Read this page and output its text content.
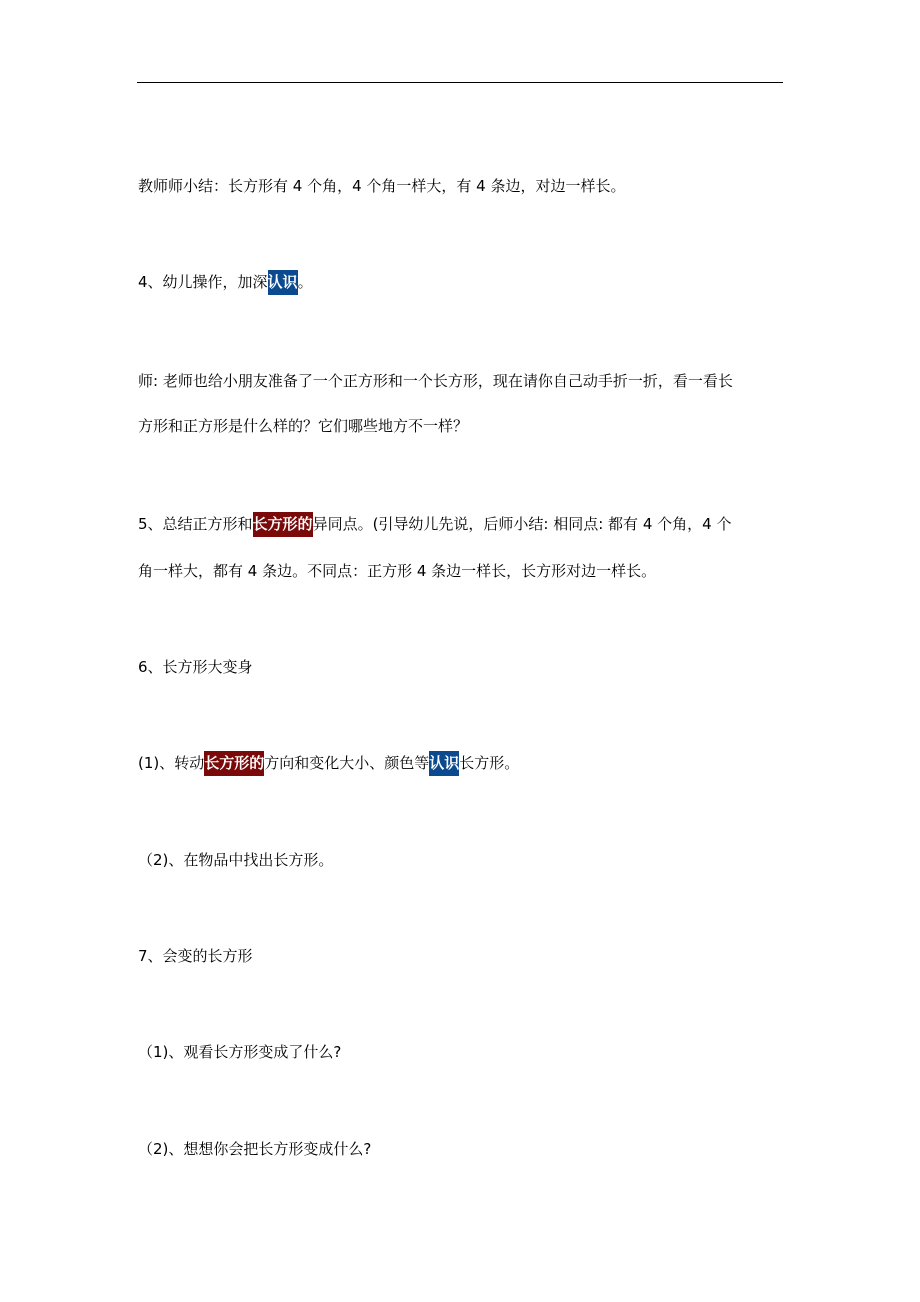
教师师小结：长方形有 4 个角，4 个角一样大，有 4 条边，对边一样长。
4、幼儿操作，加深认识。
师: 老师也给小朋友准备了一个正方形和一个长方形，现在请你自己动手折一折，看一看长
方形和正方形是什么样的？它们哪些地方不一样？
5、总结正方形和长方形的异同点。(引导幼儿先说，后师小结: 相同点: 都有 4 个角，4 个
角一样大，都有 4 条边。不同点：正方形 4 条边一样长，长方形对边一样长。
6、长方形大变身
(1)、转动长方形的方向和变化大小、颜色等认识长方形。
（2)、在物品中找出长方形。
7、会变的长方形
（1)、观看长方形变成了什么?
（2)、想想你会把长方形变成什么?
